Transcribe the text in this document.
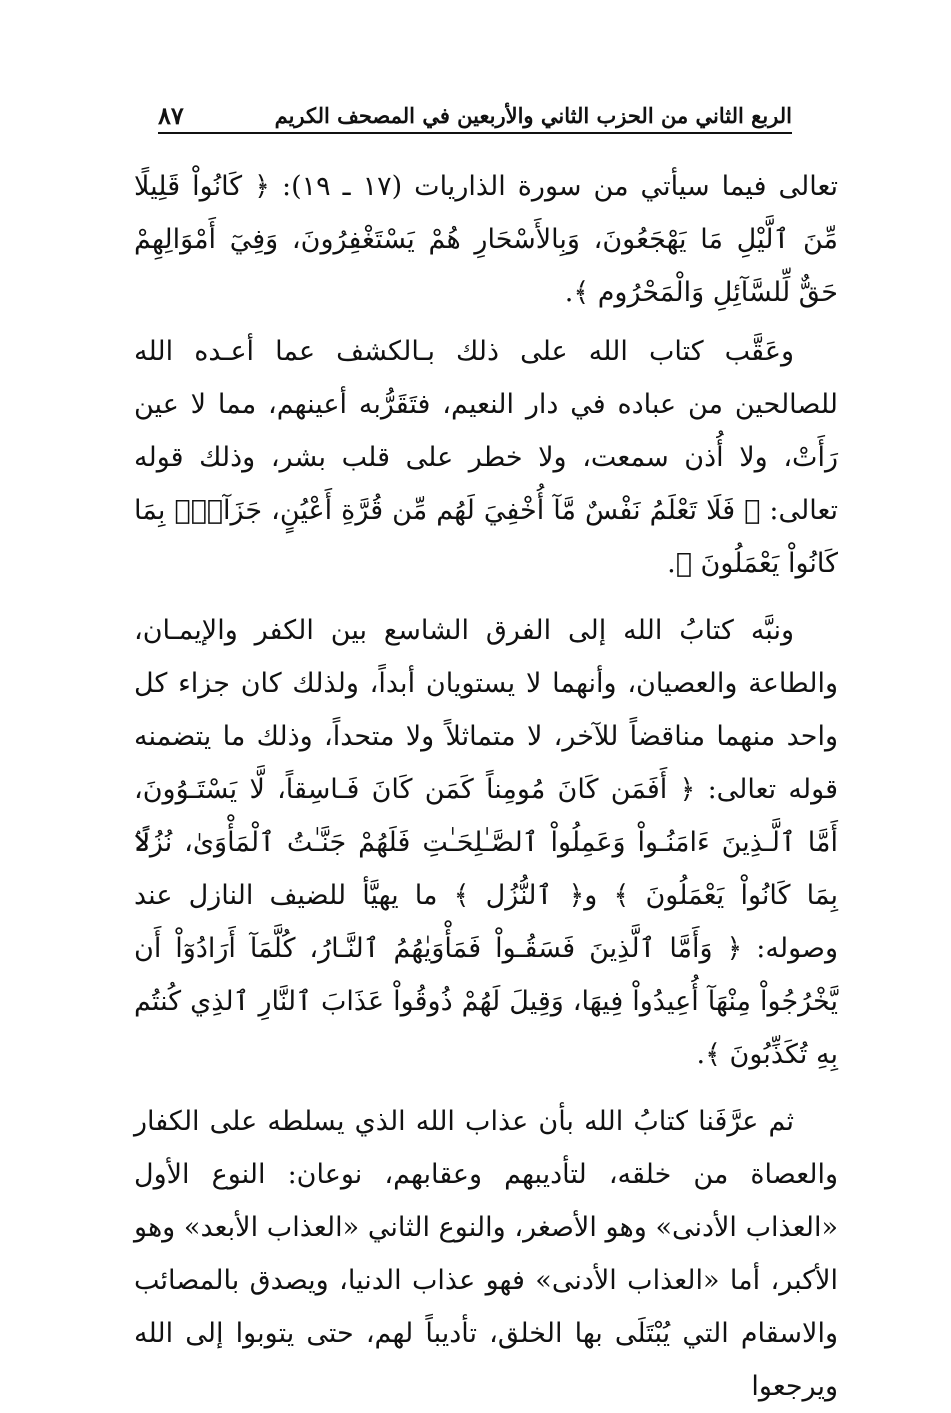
الربع الثاني من الحزب الثاني والأربعين في المصحف الكريم
٨٧

تعالى فيما سيأتي من سورة الذاريات (١٧ ـ ١٩): ﴿ كَانُواْ قَلِيلًا مِّنَ ٱلَّيْلِ مَا يَهْجَعُونَ، وَبِالأَسْحَارِ هُمْ يَسْتَغْفِرُونَ، وَفِيٓ أَمْوَالِهِمْ حَقٌّ لِّلسَّآئِلِ وَالْمَحْرُوم ﴾.

وعَقَّب كتاب الله على ذلك بـالكشف عما أعـده الله للصالحين من عباده في دار النعيم، فتَقَرُّبه أعينهم، مما لا عين رَأَتْ، ولا أُذن سمعت، ولا خطر على قلب بشر، وذلك قوله تعالى: ﴿ فَلَا تَعْلَمُ نَفْسٌ مَّآ أُخْفِيَ لَهُم مِّن قُرَّةِ أَعْيُنٍ، جَزَآءًۢ بِمَا كَانُواْ يَعْمَلُونَ ﴾.

ونبَّه كتابُ الله إلى الفرق الشاسع بين الكفر والإيمـان، والطاعة والعصيان، وأنهما لا يستويان أبداً، ولذلك كان جزاء كل واحد منهما مناقضاً للآخر، لا متماثلاً ولا متحداً، وذلك ما يتضمنه قوله تعالى: ﴿ أَفَمَن كَانَ مُومِناً كَمَن كَانَ فَـاسِقاً، لَّا يَسْتَـوُونَ، أَمَّا ٱلَّـذِينَ ءَامَنُـواْ وَعَمِلُواْ ٱلصَّـٰلِحَـٰتِ فَلَهُمْ جَنَّـٰتُ ٱلْمَأْوَىٰ، نُزُلًاۢ بِمَا كَانُواْ يَعْمَلُونَ ﴾ و﴿ ٱلنُّزُل ﴾ ما يهيَّأ للضيف النازل عند وصوله: ﴿ وَأَمَّا ٱلَّذِينَ فَسَقُـواْ فَمَأْوَيٰهُمُ ٱلنَّـارُ، كُلَّمَآ أَرَادُوٓاْ أَن يَّخْرُجُواْ مِنْهَآ أُعِيدُواْ فِيهَا، وَقِيلَ لَهُمْ ذُوقُواْ عَذَابَ ٱلنَّارِ ٱلذِي كُنتُم بِهِ تُكَذِّبُونَ ﴾.

ثم عرَّفَنا كتابُ الله بأن عذاب الله الذي يسلطه على الكفار والعصاة من خلقه، لتأديبهم وعقابهم، نوعان: النوع الأول «العذاب الأدنى» وهو الأصغر، والنوع الثاني «العذاب الأبعد» وهو الأكبر، أما «العذاب الأدنى» فهو عذاب الدنيا، ويصدق بالمصائب والاسقام التي يُبْتَلَى بها الخلق، تأديباً لهم، حتى يتوبوا إلى الله ويرجعوا
